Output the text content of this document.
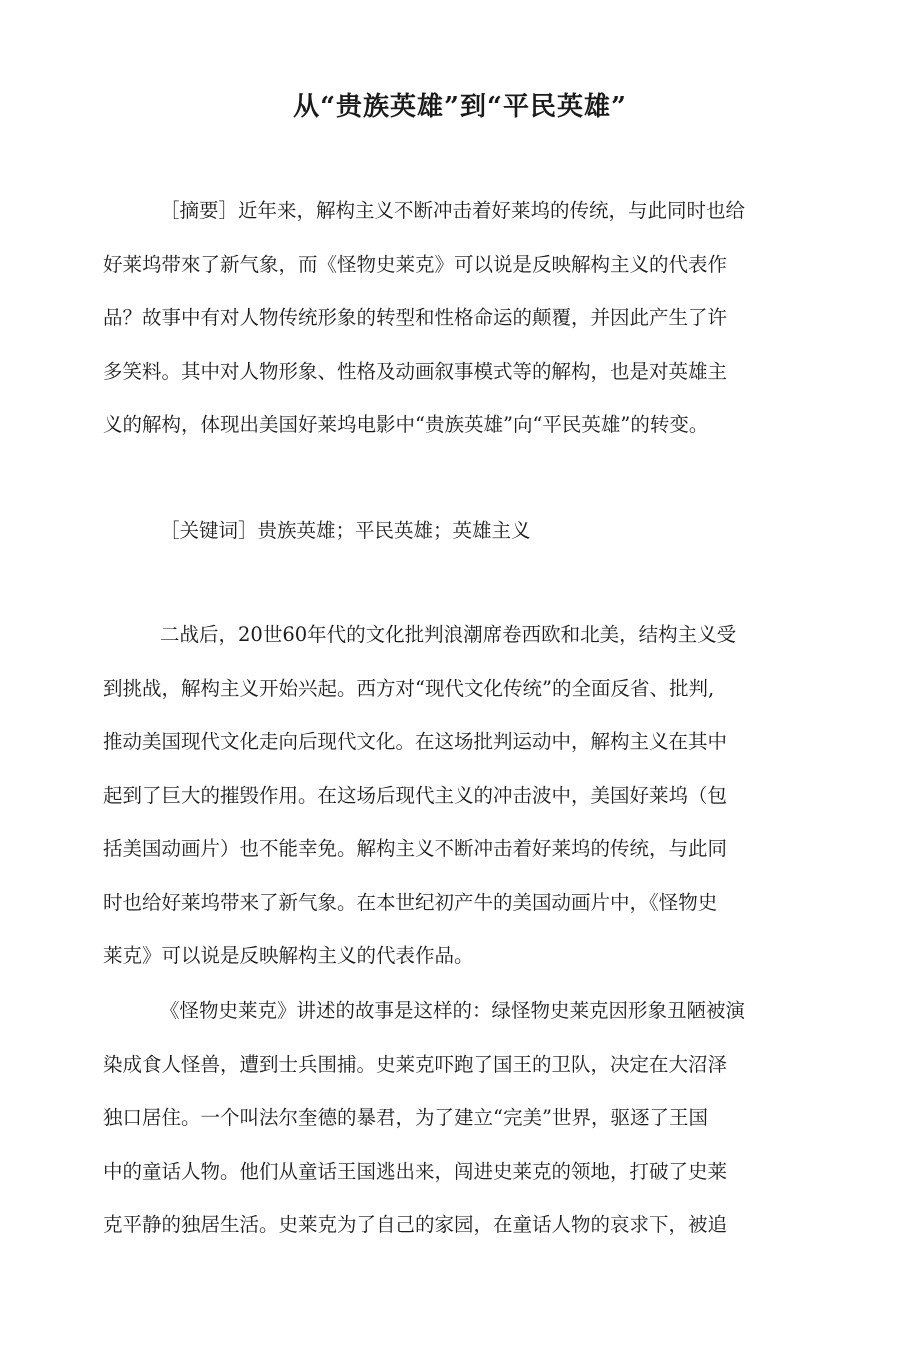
从“贵族英雄”到“平民英雄”
［摘要］近年来，解构主义不断冲击着好莱坞的传统，与此同时也给
好莱坞带來了新气象，而《怪物史莱克》可以说是反映解构主义的代表作
品？故事中有对人物传统形象的转型和性格命运的颠覆，并因此产生了许
多笑料。其中对人物形象、性格及动画叙事模式等的解构，也是对英雄主
义的解构，体现出美国好莱坞电影中“贵族英雄”向“平民英雄”的转变。
［关键词］贵族英雄；平民英雄；英雄主义
二战后，20世60年代的文化批判浪潮席卷西欧和北美，结构主义受
到挑战，解构主义开始兴起。西方对“现代文化传统”的全面反省、批判,
推动美国现代文化走向后现代文化。在这场批判运动中，解构主义在其中
起到了巨大的摧毁作用。在这场后现代主义的冲击波中，美国好莱坞（包
括美国动画片）也不能幸免。解构主义不断冲击着好莱坞的传统，与此同
时也给好莱坞带来了新气象。在本世纪初产牛的美国动画片中，《怪物史
莱克》可以说是反映解构主义的代表作品。
《怪物史莱克》讲述的故事是这样的：绿怪物史莱克因形象丑陋被演
染成食人怪兽，遭到士兵围捕。史莱克吓跑了国王的卫队，决定在大沼泽
独口居住。一个叫法尔奎德的暴君，为了建立“完美”世界，驱逐了王国
中的童话人物。他们从童话王国逃出来，闯进史莱克的领地，打破了史莱
克平静的独居生活。史莱克为了自己的家园，在童话人物的哀求下，被追
